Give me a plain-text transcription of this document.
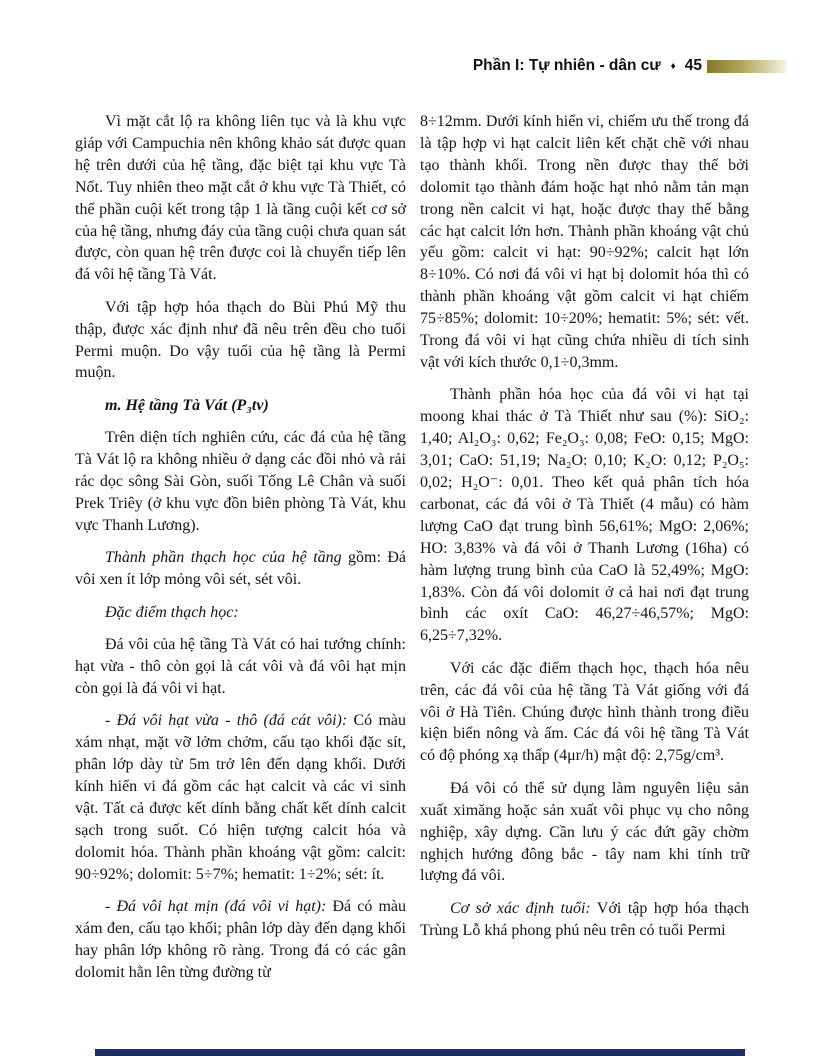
Phần I: Tự nhiên - dân cư ♦ 45

Vì mặt cắt lộ ra không liên tục và là khu vực giáp với Campuchia nên không khảo sát được quan hệ trên dưới của hệ tầng, đặc biệt tại khu vực Tà Nốt. Tuy nhiên theo mặt cắt ở khu vực Tà Thiết, có thể phần cuội kết trong tập 1 là tầng cuội kết cơ sở của hệ tầng, nhưng đáy của tầng cuội chưa quan sát được, còn quan hệ trên được coi là chuyển tiếp lên đá vôi hệ tầng Tà Vát.

Với tập hợp hóa thạch do Bùi Phú Mỹ thu thập, được xác định như đã nêu trên đều cho tuổi Permi muộn. Do vậy tuổi của hệ tầng là Permi muộn.

m. Hệ tầng Tà Vát (P₃tv)

Trên diện tích nghiên cứu, các đá của hệ tầng Tà Vát lộ ra không nhiều ở dạng các đồi nhỏ và rải rác dọc sông Sài Gòn, suối Tống Lê Chân và suối Prek Triêy (ở khu vực đồn biên phòng Tà Vát, khu vực Thanh Lương).

Thành phần thạch học của hệ tầng gồm: Đá vôi xen ít lớp mỏng vôi sét, sét vôi.

Đặc điểm thạch học:

Đá vôi của hệ tầng Tà Vát có hai tướng chính: hạt vừa - thô còn gọi là cát vôi và đá vôi hạt mịn còn gọi là đá vôi vi hạt.

- Đá vôi hạt vừa - thô (đá cát vôi): Có màu xám nhạt, mặt vỡ lởm chởm, cấu tạo khối đặc sít, phân lớp dày từ 5m trở lên đến dạng khối. Dưới kính hiển vi đá gồm các hạt calcit và các vi sinh vật. Tất cả được kết dính bằng chất kết dính calcit sạch trong suốt. Có hiện tượng calcit hóa và dolomit hóa. Thành phần khoáng vật gồm: calcit: 90÷92%; dolomit: 5÷7%; hematit: 1÷2%; sét: ít.

- Đá vôi hạt mịn (đá vôi vi hạt): Đá có màu xám đen, cấu tạo khối; phân lớp dày đến dạng khối hay phân lớp không rõ ràng. Trong đá có các gân dolomit hằn lên từng đường từ

8÷12mm. Dưới kính hiển vi, chiếm ưu thế trong đá là tập hợp vi hạt calcit liên kết chặt chẽ với nhau tạo thành khối. Trong nền được thay thế bởi dolomit tạo thành đám hoặc hạt nhỏ nằm tản mạn trong nền calcit vi hạt, hoặc được thay thế bằng các hạt calcit lớn hơn. Thành phần khoáng vật chủ yếu gồm: calcit vi hạt: 90÷92%; calcit hạt lớn 8÷10%. Có nơi đá vôi vi hạt bị dolomit hóa thì có thành phần khoáng vật gồm calcit vi hạt chiếm 75÷85%; dolomit: 10÷20%; hematit: 5%; sét: vết. Trong đá vôi vi hạt cũng chứa nhiều di tích sinh vật với kích thước 0,1÷0,3mm.

Thành phần hóa học của đá vôi vi hạt tại moong khai thác ở Tà Thiết như sau (%): SiO₂: 1,40; Al₂O₃: 0,62; Fe₂O₃: 0,08; FeO: 0,15; MgO: 3,01; CaO: 51,19; Na₂O: 0,10; K₂O: 0,12; P₂O₅: 0,02; H₂O⁻: 0,01. Theo kết quả phân tích hóa carbonat, các đá vôi ở Tà Thiết (4 mẫu) có hàm lượng CaO đạt trung bình 56,61%; MgO: 2,06%; HO: 3,83% và đá vôi ở Thanh Lương (16ha) có hàm lượng trung bình của CaO là 52,49%; MgO: 1,83%. Còn đá vôi dolomit ở cả hai nơi đạt trung bình các oxít CaO: 46,27÷46,57%; MgO: 6,25÷7,32%.

Với các đặc điểm thạch học, thạch hóa nêu trên, các đá vôi của hệ tầng Tà Vát giống với đá vôi ở Hà Tiên. Chúng được hình thành trong điều kiện biển nông và ấm. Các đá vôi hệ tầng Tà Vát có độ phóng xạ thấp (4μr/h) mật độ: 2,75g/cm³.

Đá vôi có thể sử dụng làm nguyên liệu sản xuất ximăng hoặc sản xuất vôi phục vụ cho nông nghiệp, xây dựng. Cần lưu ý các đứt gãy chờm nghịch hướng đông bắc - tây nam khi tính trữ lượng đá vôi.

Cơ sở xác định tuổi: Với tập hợp hóa thạch Trùng Lỗ khá phong phú nêu trên có tuổi Permi
